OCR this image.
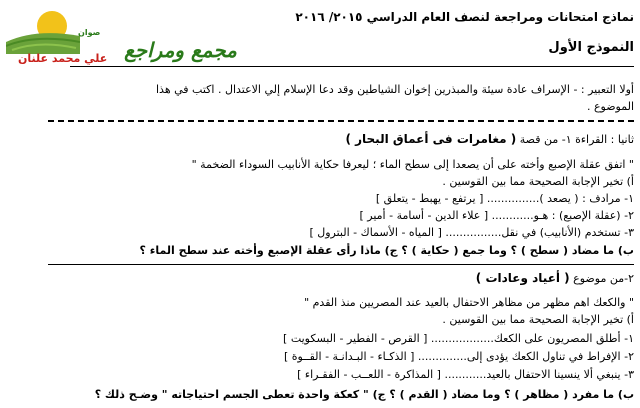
صوان
علي محمد علنان مجمع ومراجع
نماذج امتحانات ومراجعة لنصف العام الدراسي ٢٠١٥/ ٢٠١٦
النموذج الأول
أولا التعبير : - الإسراف عادة سيئة والمبذرين إخوان الشياطين وقد دعا الإسلام إلي الاعتدال . اكتب في هذا
الموضوع .
ثانيا : القراءة ١- من قصة ( مغامرات فى أعماق البحار )
" اتفق عقلة الإصبع وأخته على أن يصعدا إلى سطح الماء ؛ ليعرفا حكاية الأنابيب السوداء الضخمة "
أ) تخير الإجابة الصحيحة مما بين القوسين .
١- مرادف : ( يصعد )............... [ يرتفع - يهبط - يتعلق ]
٢- (عقلة الإصبع) : هـو............ [ علاء الدين - أسامة - أمير ]
٣- تستخدم (الأنابيب) في نقل................ [ المياه - الأسماك - البترول ]
ب) ما مضاد ( سطح ) ؟ وما جمع ( حكاية ) ؟ ج) ماذا رأى عقلة الإصبع وأخته عند سطح الماء ؟
٢-من موضوع ( أعياد وعادات )
" والكعك اهم مظهر من مظاهر الاحتفال بالعيد عند المصريين منذ القدم "
أ) تخير الإجابة الصحيحة مما بين القوسين .
١- أطلق المصريون على الكعك.................. [ القرص - الفطير - البسكويت ]
٢- الإفراط في تناول الكعك يؤدى إلى.............. [ الذكـاء - البـدانـة - القــوة ]
٣- ينبغي ألا ينسينا الاحتفال بالعيد............ [ المذاكرة - اللعــب - الفقـراء ]
ب) ما مفرد ( مظاهر ) ؟ وما مضاد ( القدم ) ؟ ج) " كعكة واحدة تعطى الجسم احتياجاته " وضـح ذلك ؟
